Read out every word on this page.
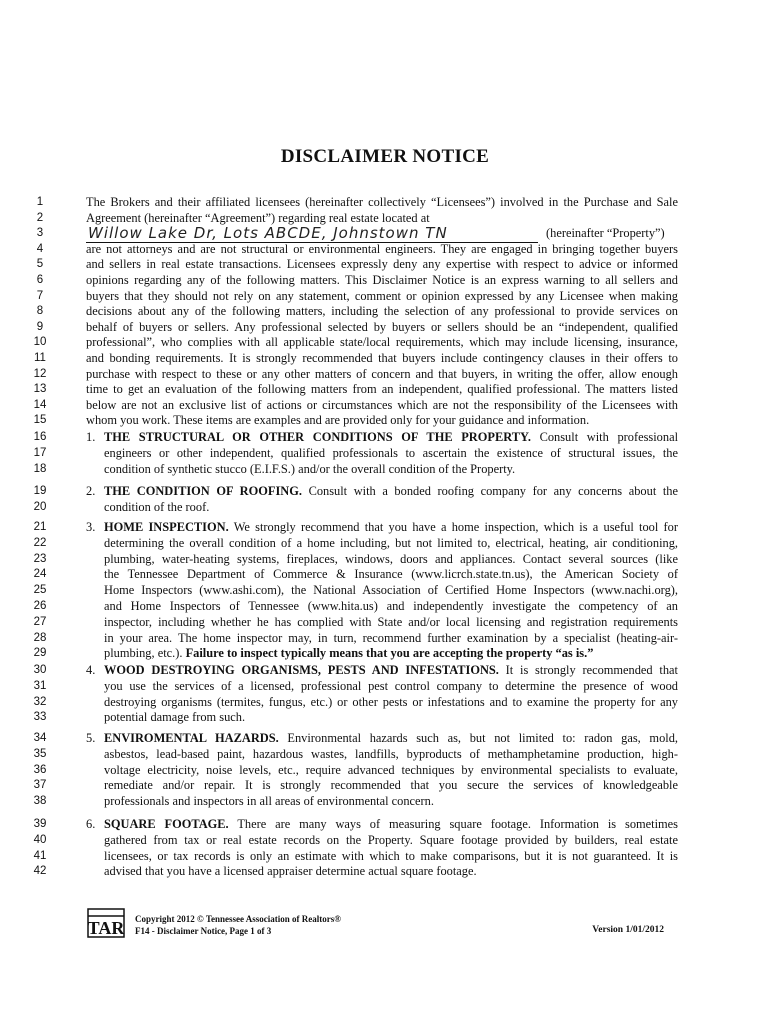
DISCLAIMER NOTICE
1	The Brokers and their affiliated licensees (hereinafter collectively “Licensees”) involved in the Purchase and Sale
2	Agreement (hereinafter “Agreement”) regarding real estate located at
3	Willow Lake Dr, Lots ABCDE, Johnstown TN	(hereinafter “Property”)
4	are not attorneys and are not structural or environmental engineers. They are engaged in bringing together buyers
5	and sellers in real estate transactions. Licensees expressly deny any expertise with respect to advice or informed
6	opinions regarding any of the following matters. This Disclaimer Notice is an express warning to all sellers and
7	buyers that they should not rely on any statement, comment or opinion expressed by any Licensee when making
8	decisions about any of the following matters, including the selection of any professional to provide services on
9	behalf of buyers or sellers. Any professional selected by buyers or sellers should be an “independent, qualified
10	professional”, who complies with all applicable state/local requirements, which may include licensing, insurance,
11	and bonding requirements. It is strongly recommended that buyers include contingency clauses in their offers to
12	purchase with respect to these or any other matters of concern and that buyers, in writing the offer, allow enough
13	time to get an evaluation of the following matters from an independent, qualified professional. The matters listed
14	below are not an exclusive list of actions or circumstances which are not the responsibility of the Licensees with
15	whom you work. These items are examples and are provided only for your guidance and information.
16	1. THE STRUCTURAL OR OTHER CONDITIONS OF THE PROPERTY. Consult with professional
17	engineers or other independent, qualified professionals to ascertain the existence of structural issues, the
18	condition of synthetic stucco (E.I.F.S.) and/or the overall condition of the Property.
19	2. THE CONDITION OF ROOFING. Consult with a bonded roofing company for any concerns about the
20	condition of the roof.
21	3. HOME INSPECTION. We strongly recommend that you have a home inspection, which is a useful tool for
22	determining the overall condition of a home including, but not limited to, electrical, heating, air conditioning,
23	plumbing, water-heating systems, fireplaces, windows, doors and appliances. Contact several sources (like
24	the Tennessee Department of Commerce & Insurance (www.licrch.state.tn.us), the American Society of
25	Home Inspectors (www.ashi.com), the National Association of Certified Home Inspectors (www.nachi.org),
26	and Home Inspectors of Tennessee (www.hita.us) and independently investigate the competency of an
27	inspector, including whether he has complied with State and/or local licensing and registration requirements
28	in your area. The home inspector may, in turn, recommend further examination by a specialist (heating-air-
29	plumbing, etc.). Failure to inspect typically means that you are accepting the property “as is.”
30	4. WOOD DESTROYING ORGANISMS, PESTS AND INFESTATIONS. It is strongly recommended that
31	you use the services of a licensed, professional pest control company to determine the presence of wood
32	destroying organisms (termites, fungus, etc.) or other pests or infestations and to examine the property for any
33	potential damage from such.
34	5. ENVIROMENTAL HAZARDS. Environmental hazards such as, but not limited to: radon gas, mold,
35	asbestos, lead-based paint, hazardous wastes, landfills, byproducts of methamphetamine production, high-
36	voltage electricity, noise levels, etc., require advanced techniques by environmental specialists to evaluate,
37	remediate and/or repair. It is strongly recommended that you secure the services of knowledgeable
38	professionals and inspectors in all areas of environmental concern.
39	6. SQUARE FOOTAGE. There are many ways of measuring square footage. Information is sometimes
40	gathered from tax or real estate records on the Property. Square footage provided by builders, real estate
41	licensees, or tax records is only an estimate with which to make comparisons, but it is not guaranteed. It is
42	advised that you have a licensed appraiser determine actual square footage.
TAR Copyright 2012 © Tennessee Association of Realtors®
F14 - Disclaimer Notice, Page 1 of 3	Version 1/01/2012
